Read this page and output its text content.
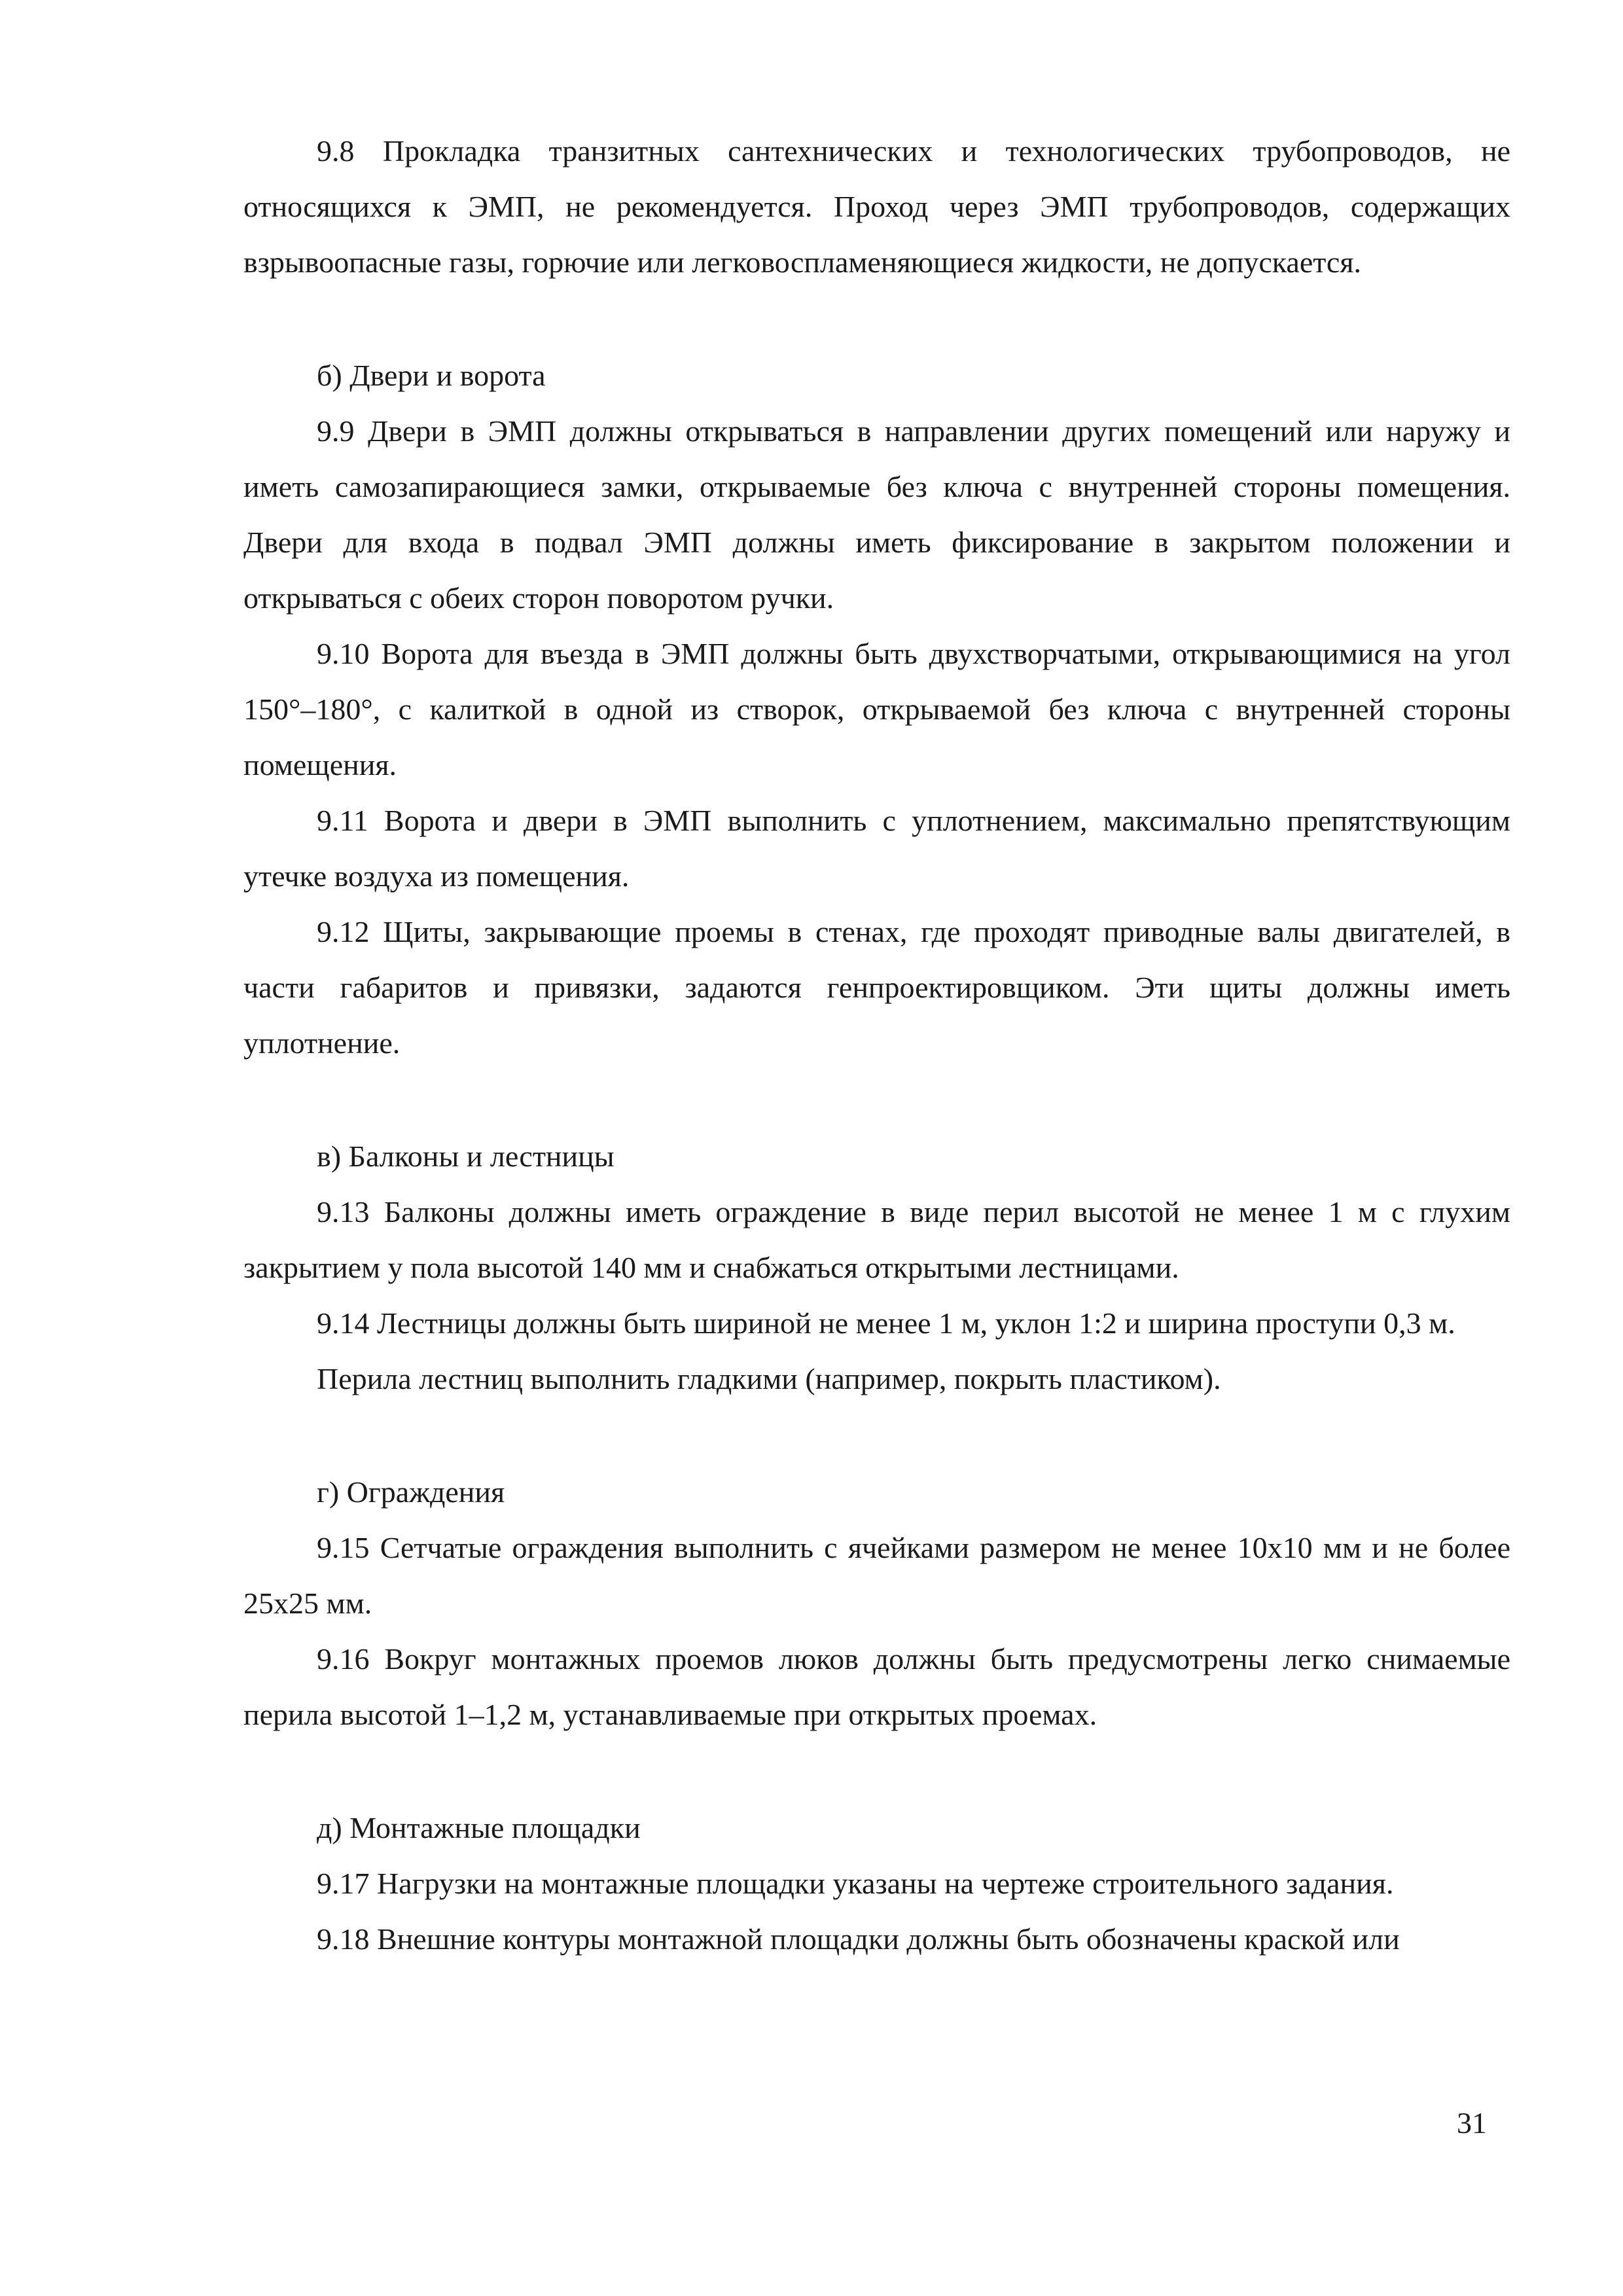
9.8 Прокладка транзитных сантехнических и технологических трубопроводов, не относящихся к ЭМП, не рекомендуется. Проход через ЭМП трубопроводов, содержащих взрывоопасные газы, горючие или легковоспламеняющиеся жидкости, не допускается.

б) Двери и ворота

9.9 Двери в ЭМП должны открываться в направлении других помещений или наружу и иметь самозапирающиеся замки, открываемые без ключа с внутренней стороны помещения. Двери для входа в подвал ЭМП должны иметь фиксирование в закрытом положении и открываться с обеих сторон поворотом ручки.

9.10 Ворота для въезда в ЭМП должны быть двухстворчатыми, открывающимися на угол 150°–180°, с калиткой в одной из створок, открываемой без ключа с внутренней стороны помещения.

9.11 Ворота и двери в ЭМП выполнить с уплотнением, максимально препятствующим утечке воздуха из помещения.

9.12 Щиты, закрывающие проемы в стенах, где проходят приводные валы двигателей, в части габаритов и привязки, задаются генпроектировщиком. Эти щиты должны иметь уплотнение.

в) Балконы и лестницы

9.13 Балконы должны иметь ограждение в виде перил высотой не менее 1 м с глухим закрытием у пола высотой 140 мм и снабжаться открытыми лестницами.

9.14 Лестницы должны быть шириной не менее 1 м, уклон 1:2 и ширина проступи 0,3 м.

Перила лестниц выполнить гладкими (например, покрыть пластиком).

г) Ограждения

9.15 Сетчатые ограждения выполнить с ячейками размером не менее 10х10 мм и не более 25х25 мм.

9.16 Вокруг монтажных проемов люков должны быть предусмотрены легко снимаемые перила высотой 1–1,2 м, устанавливаемые при открытых проемах.

д) Монтажные площадки

9.17 Нагрузки на монтажные площадки указаны на чертеже строительного задания.

9.18 Внешние контуры монтажной площадки должны быть обозначены краской или

31
